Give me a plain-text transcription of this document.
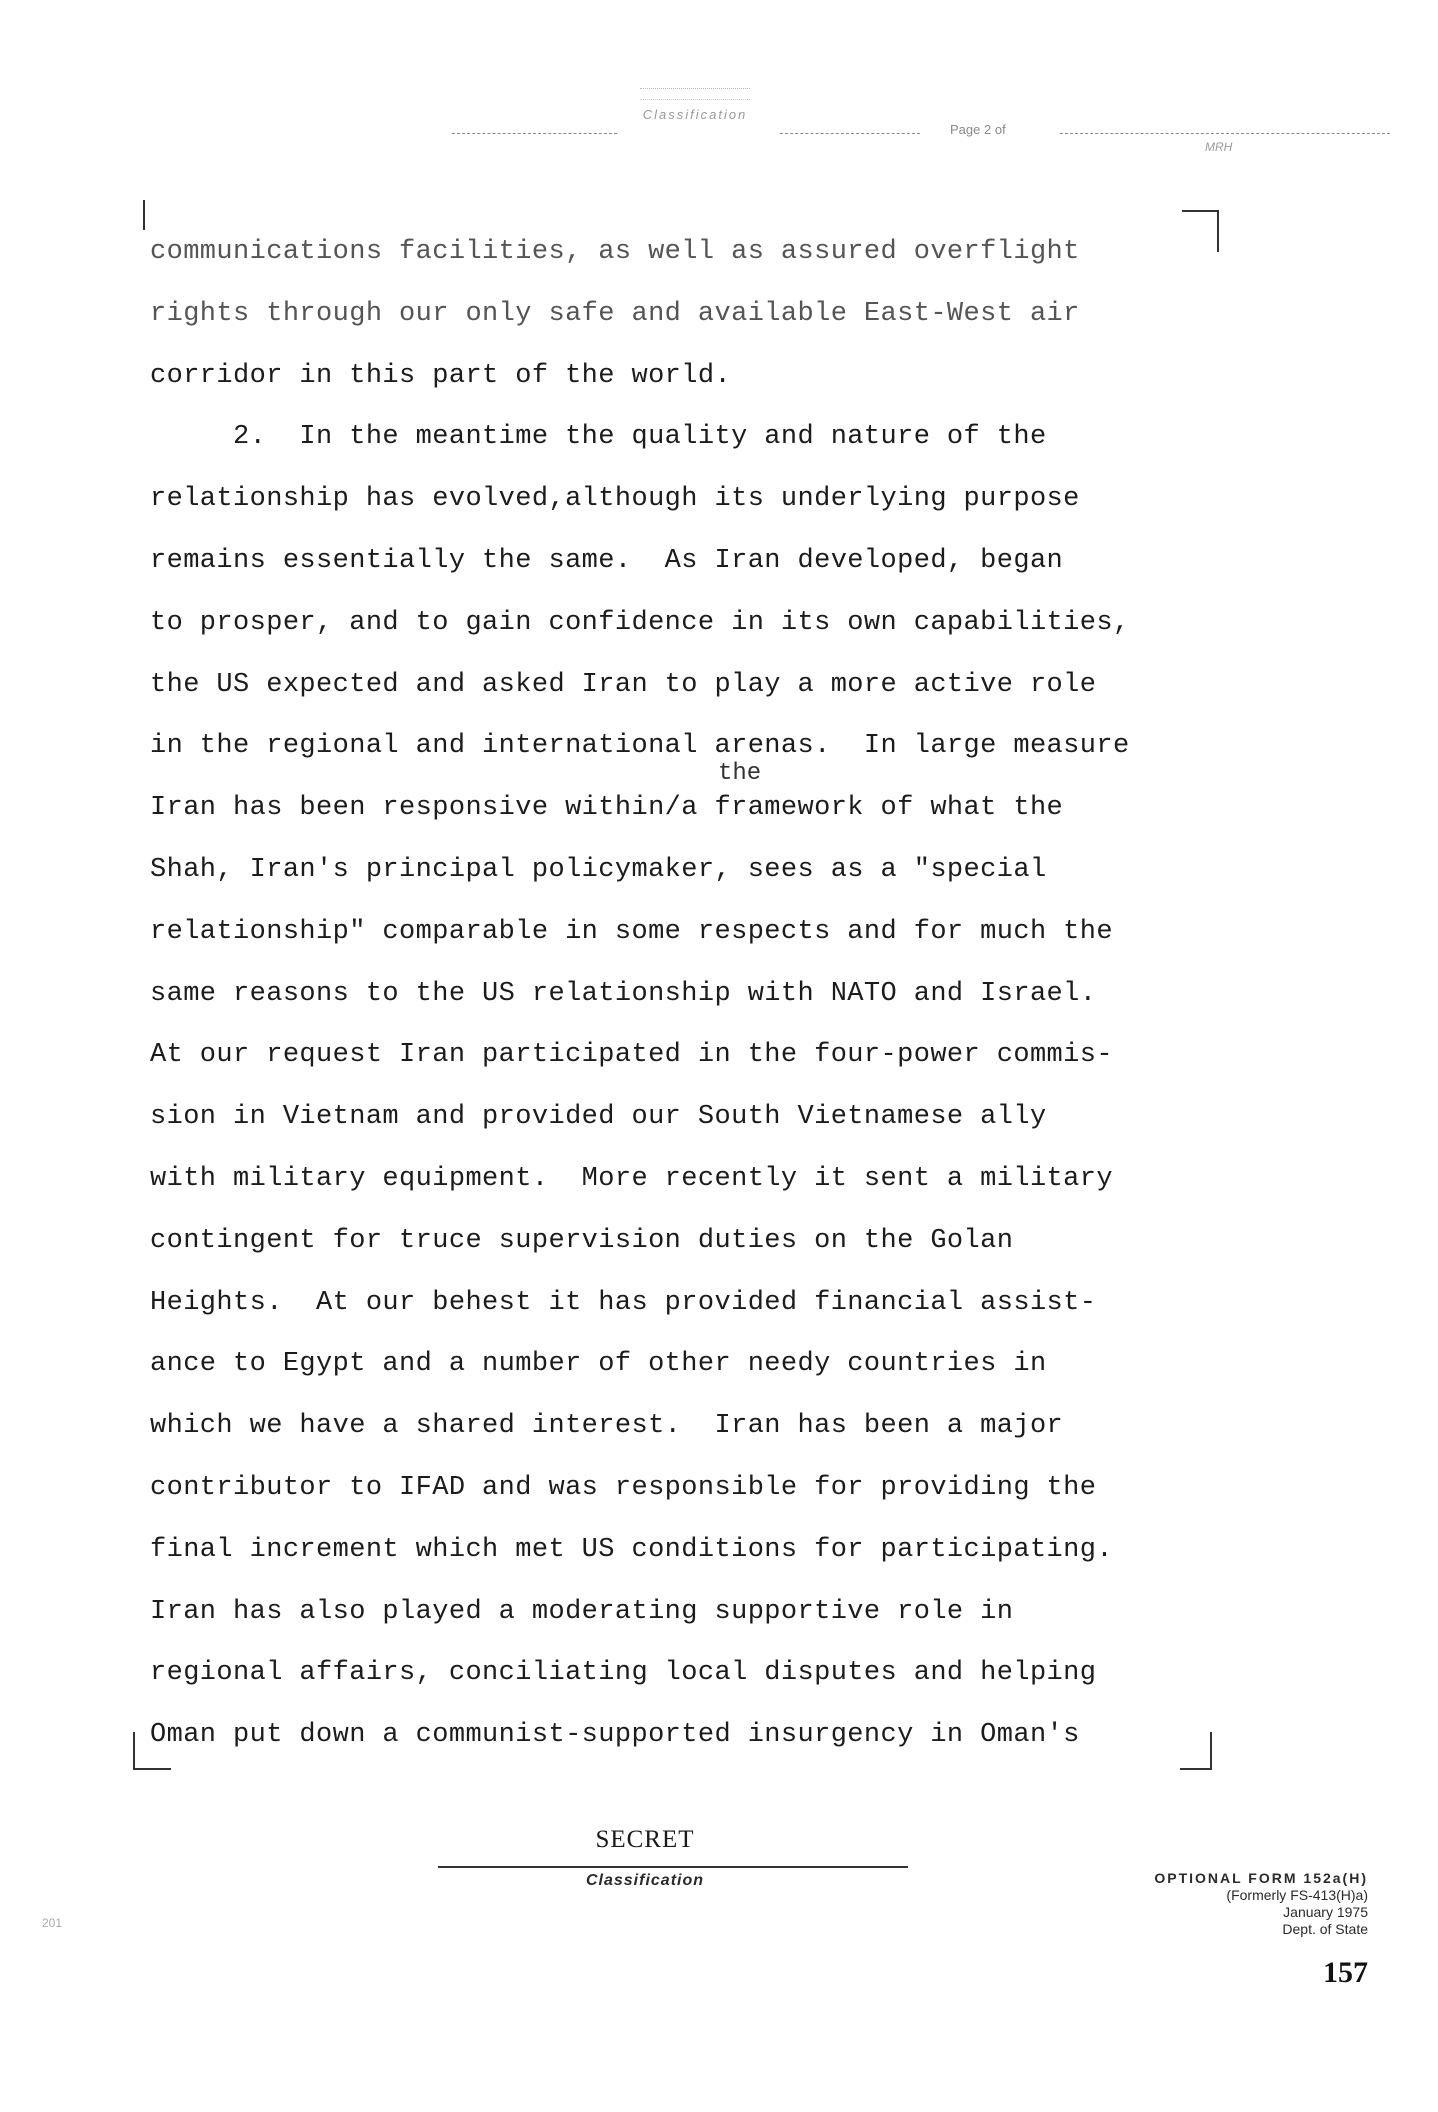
Classification
Page 2 of
MRH
the
communications facilities, as well as assured overflight
rights through our only safe and available East-West air
corridor in this part of the world.
2.  In the meantime the quality and nature of the
relationship has evolved,although its underlying purpose
remains essentially the same.  As Iran developed, began
to prosper, and to gain confidence in its own capabilities,
the US expected and asked Iran to play a more active role
in the regional and international arenas.  In large measure
Iran has been responsive within/a framework of what the
Shah, Iran's principal policymaker, sees as a "special
relationship" comparable in some respects and for much the
same reasons to the US relationship with NATO and Israel.
At our request Iran participated in the four-power commis-
sion in Vietnam and provided our South Vietnamese ally
with military equipment.  More recently it sent a military
contingent for truce supervision duties on the Golan
Heights.  At our behest it has provided financial assist-
ance to Egypt and a number of other needy countries in
which we have a shared interest.  Iran has been a major
contributor to IFAD and was responsible for providing the
final increment which met US conditions for participating.
Iran has also played a moderating supportive role in
regional affairs, conciliating local disputes and helping
Oman put down a communist-supported insurgency in Oman's
SECRET
Classification	OPTIONAL FORM 152a(H)
(Formerly FS-413(H)a)
January 1975
Dept. of State
157
201
